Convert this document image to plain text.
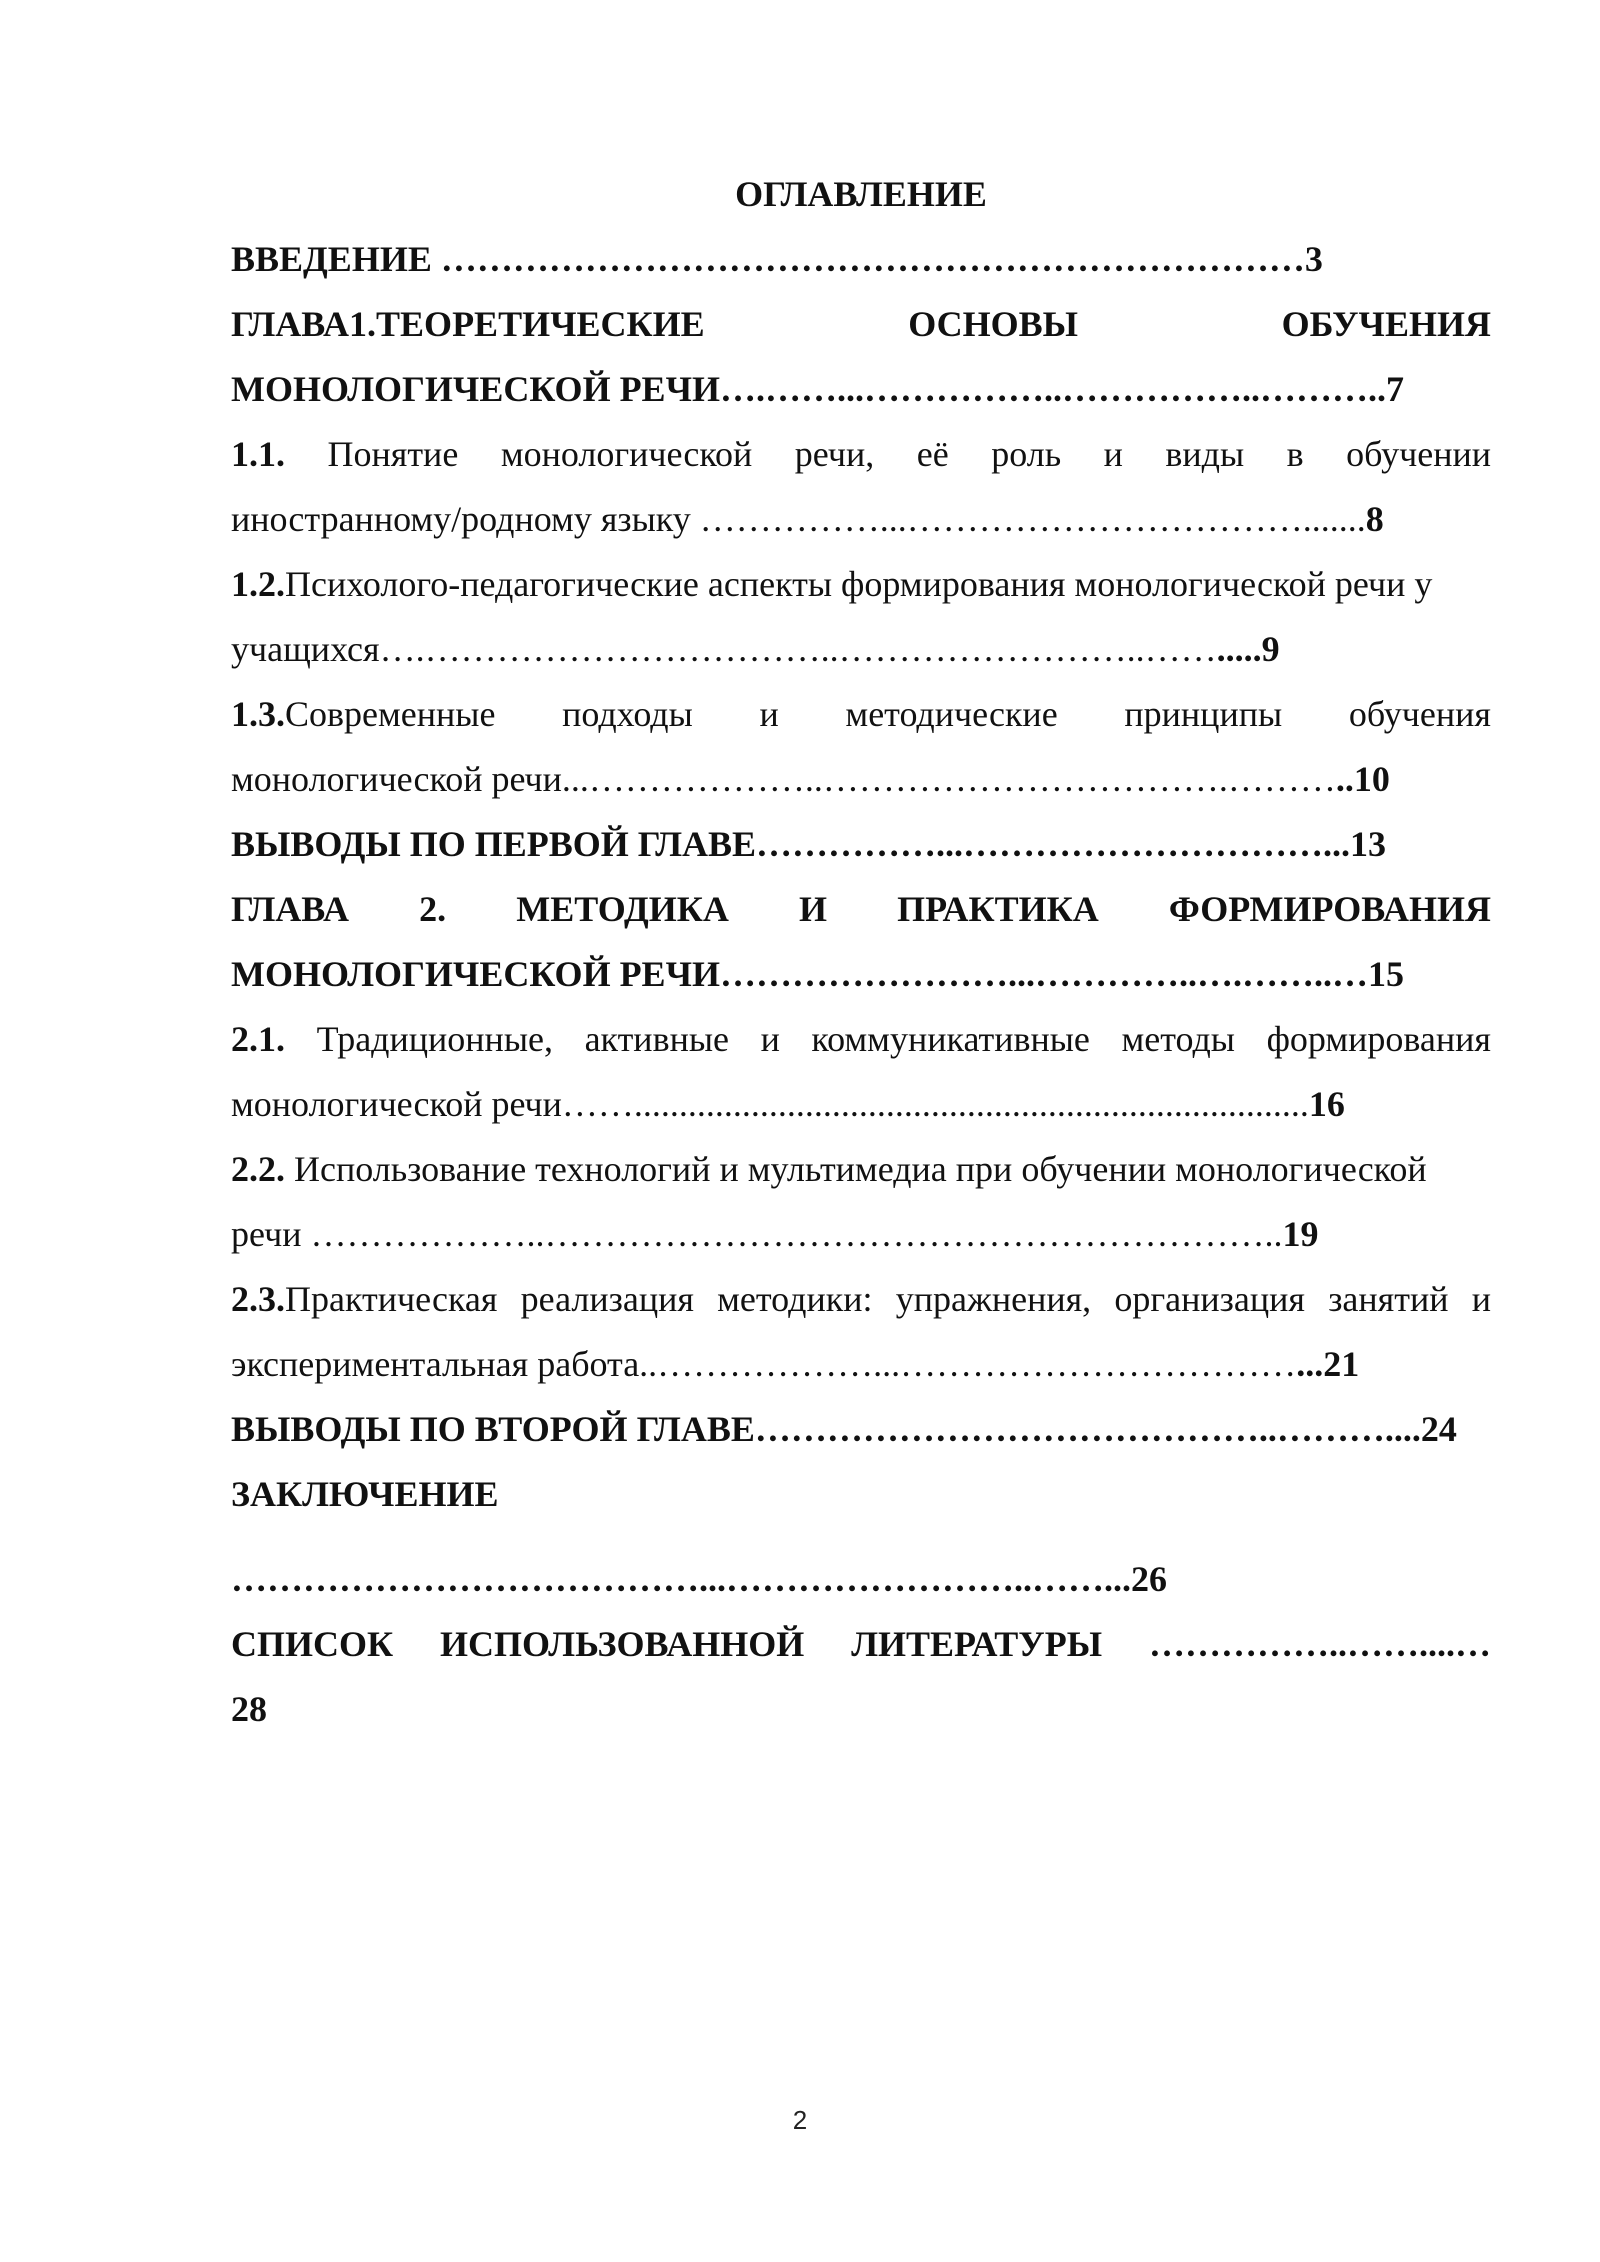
ОГЛАВЛЕНИЕ
ВВЕДЕНИЕ ………………………………………………………………3
ГЛАВА1.ТЕОРЕТИЧЕСКИЕ	ОСНОВЫ	ОБУЧЕНИЯ
МОНОЛОГИЧЕСКОЙ РЕЧИ….……...……………..……………..………..7
1.1. Понятие монологической речи, её роль и виды в обучении
иностранному/родному языку ……………...…………………………….......8
1.2.Психолого-педагогические аспекты формирования монологической речи у
учащихся….……………………………..……………………..…….....9
1.3.Современные подходы и методические принципы обучения
монологической речи...………………..…………………………….………..10
ВЫВОДЫ ПО ПЕРВОЙ ГЛАВЕ……………...…………………………...13
ГЛАВА 2. МЕТОДИКА И ПРАКТИКА ФОРМИРОВАНИЯ
МОНОЛОГИЧЕСКОЙ РЕЧИ……………………...…………..….……..…15
2.1. Традиционные, активные и коммуникативные методы формирования
монологической речи……...........................................................................16
2.2. Использование технологий и мультимедиа при обучении монологической
речи ………………..……………………………………………………..19
2.3.Практическая реализация методики: упражнения, организация занятий и
экспериментальная работа..………………...……………………………...21
ВЫВОДЫ ПО ВТОРОЙ ГЛАВЕ……………………………………..………....24
ЗАКЛЮЧЕНИЕ
…………………………………...……………………..……...26
СПИСОК ИСПОЛЬЗОВАННОЙ ЛИТЕРАТУРЫ ……………..……....…
28
2
